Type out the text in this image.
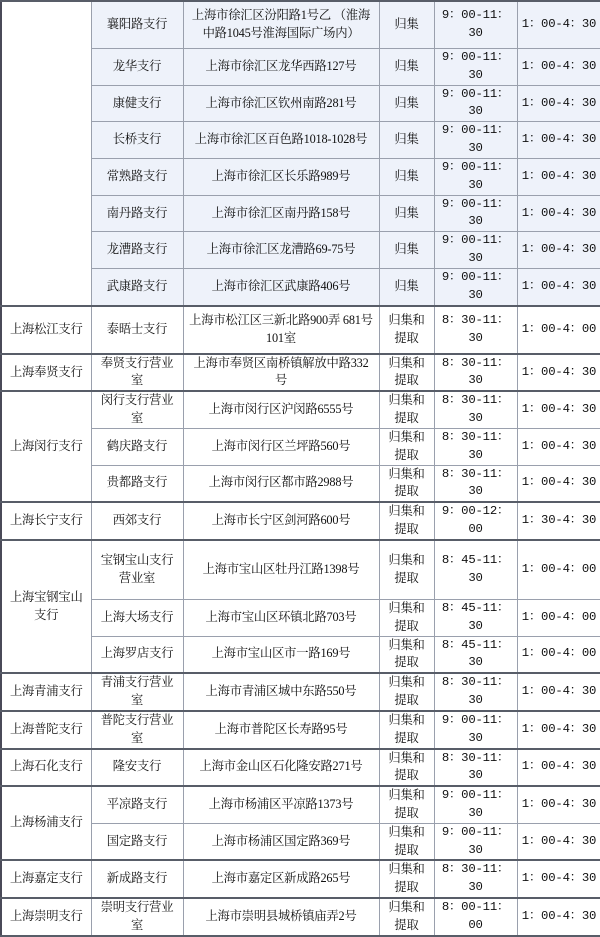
	襄阳路支行	上海市徐汇区汾阳路1号乙 （淮海中路1045号淮海国际广场内）	归集	9：00-11：30	1：00-4：30
	龙华支行	上海市徐汇区龙华西路127号	归集	9：00-11：30	1：00-4：30
	康健支行	上海市徐汇区钦州南路281号	归集	9：00-11：30	1：00-4：30
	长桥支行	上海市徐汇区百色路1018-1028号	归集	9：00-11：30	1：00-4：30
	常熟路支行	上海市徐汇区长乐路989号	归集	9：00-11：30	1：00-4：30
	南丹路支行	上海市徐汇区南丹路158号	归集	9：00-11：30	1：00-4：30
	龙漕路支行	上海市徐汇区龙漕路69-75号	归集	9：00-11：30	1：00-4：30
	武康路支行	上海市徐汇区武康路406号	归集	9：00-11：30	1：00-4：30
上海松江支行	泰晤士支行	上海市松江区三新北路900弄 681号101室	归集和提取	8：30-11：30	1：00-4：00
上海奉贤支行	奉贤支行营业室	上海市奉贤区南桥镇解放中路332号	归集和提取	8：30-11：30	1：00-4：30
上海闵行支行	闵行支行营业室	上海市闵行区沪闵路6555号	归集和提取	8：30-11：30	1：00-4：30
	鹤庆路支行	上海市闵行区兰坪路560号	归集和提取	8：30-11：30	1：00-4：30
	贵都路支行	上海市闵行区都市路2988号	归集和提取	8：30-11：30	1：00-4：30
上海长宁支行	西郊支行	上海市长宁区剑河路600号	归集和提取	9：00-12：00	1：30-4：30
上海宝钢宝山 支行	宝钢宝山支行 营业室	上海市宝山区牡丹江路1398号	归集和提取	8：45-11：30	1：00-4：00
	上海大场支行	上海市宝山区环镇北路703号	归集和提取	8：45-11：30	1：00-4：00
	上海罗店支行	上海市宝山区市一路169号	归集和提取	8：45-11：30	1：00-4：00
上海青浦支行	青浦支行营业室	上海市青浦区城中东路550号	归集和提取	8：30-11：30	1：00-4：30
上海普陀支行	普陀支行营业室	上海市普陀区长寿路95号	归集和提取	9：00-11：30	1：00-4：30
上海石化支行	隆安支行	上海市金山区石化隆安路271号	归集和提取	8：30-11：30	1：00-4：30
上海杨浦支行	平凉路支行	上海市杨浦区平凉路1373号	归集和提取	9：00-11：30	1：00-4：30
	国定路支行	上海市杨浦区国定路369号	归集和提取	9：00-11：30	1：00-4：30
上海嘉定支行	新成路支行	上海市嘉定区新成路265号	归集和提取	8：30-11：30	1：00-4：30
上海崇明支行	崇明支行营业室	上海市崇明县城桥镇庙弄2号	归集和提取	8：00-11：00	1：00-4：30
